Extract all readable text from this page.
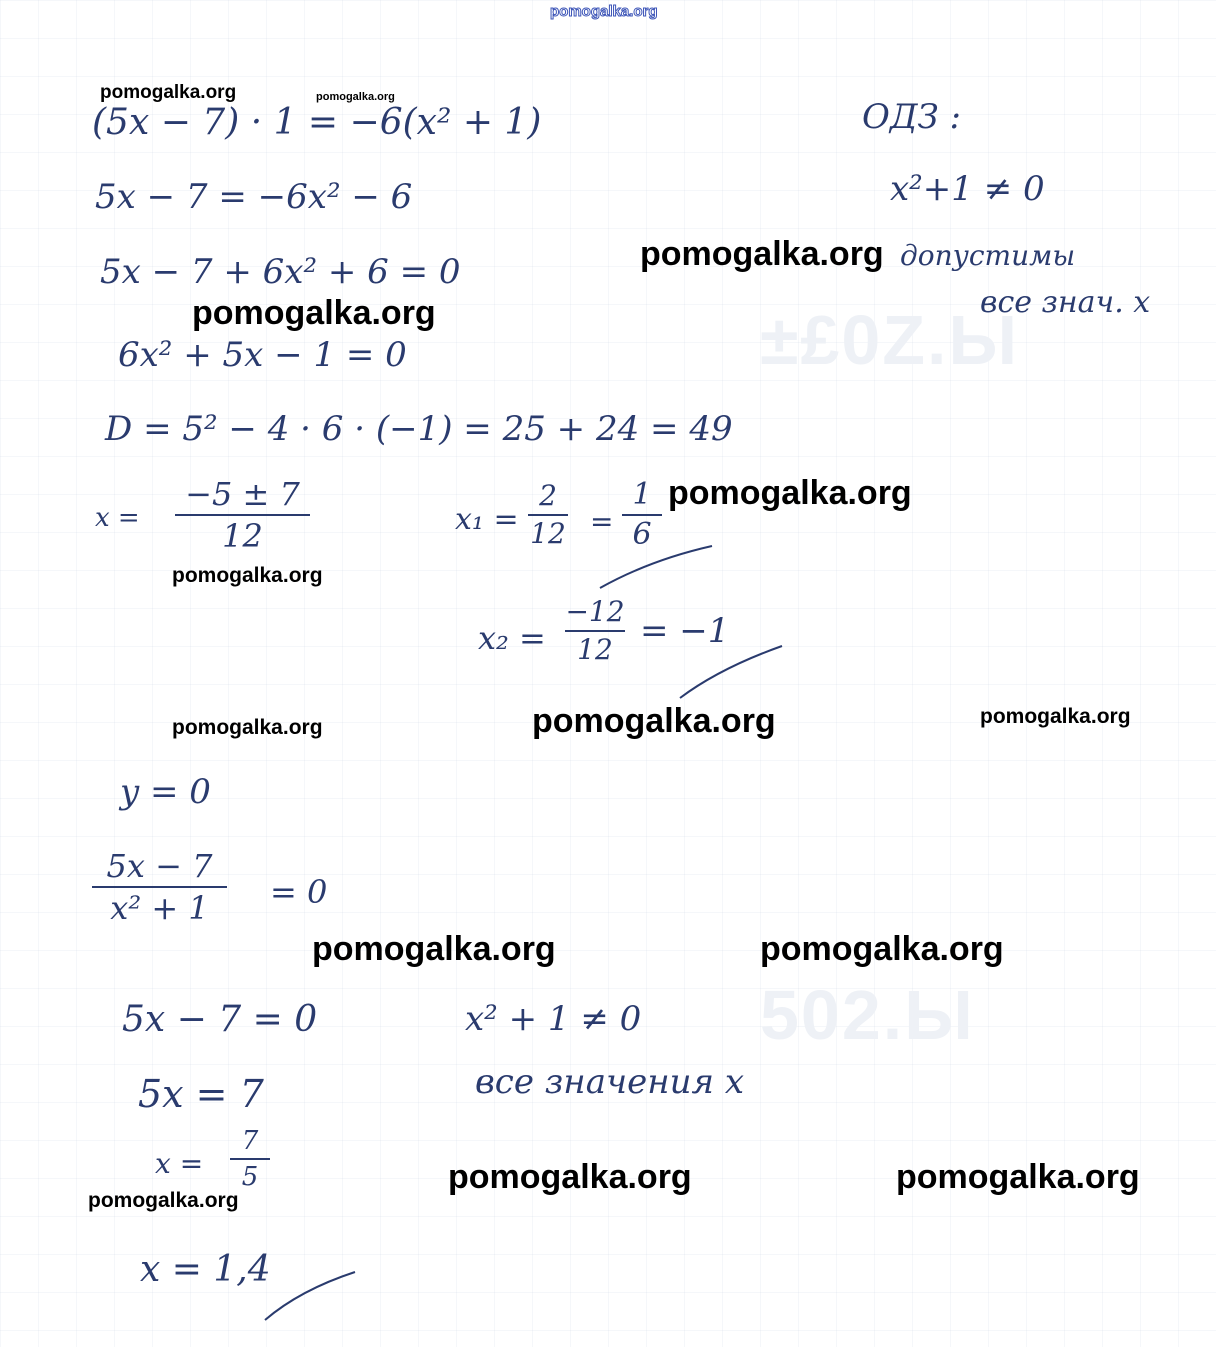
±£0Z.Ы
502.Ы
pomogalka.org
(5x − 7) · 1 = −6(x² + 1)
5x − 7 = −6x² − 6
5x − 7 + 6x² + 6 = 0
6x² + 5x − 1 = 0
D = 5² − 4 · 6 · (−1) = 25 + 24 = 49
x =
−5 ± 7
12	x₁ =
2
12 =
1
6
x₂ =
−12
12 = −1
ОДЗ :
x²+1 ≠ 0
допустимы
все знач. x
y = 0
5x − 7
x² + 1 = 0
5x − 7 = 0
5x = 7
x =
7
5
x = 1,4
x² + 1 ≠ 0
все значения x
pomogalka.org	pomogalka.org
pomogalka.org
pomogalka.org
pomogalka.org
pomogalka.org
pomogalka.org	pomogalka.org	pomogalka.org
pomogalka.org	pomogalka.org
pomogalka.org	pomogalka.org
pomogalka.org
